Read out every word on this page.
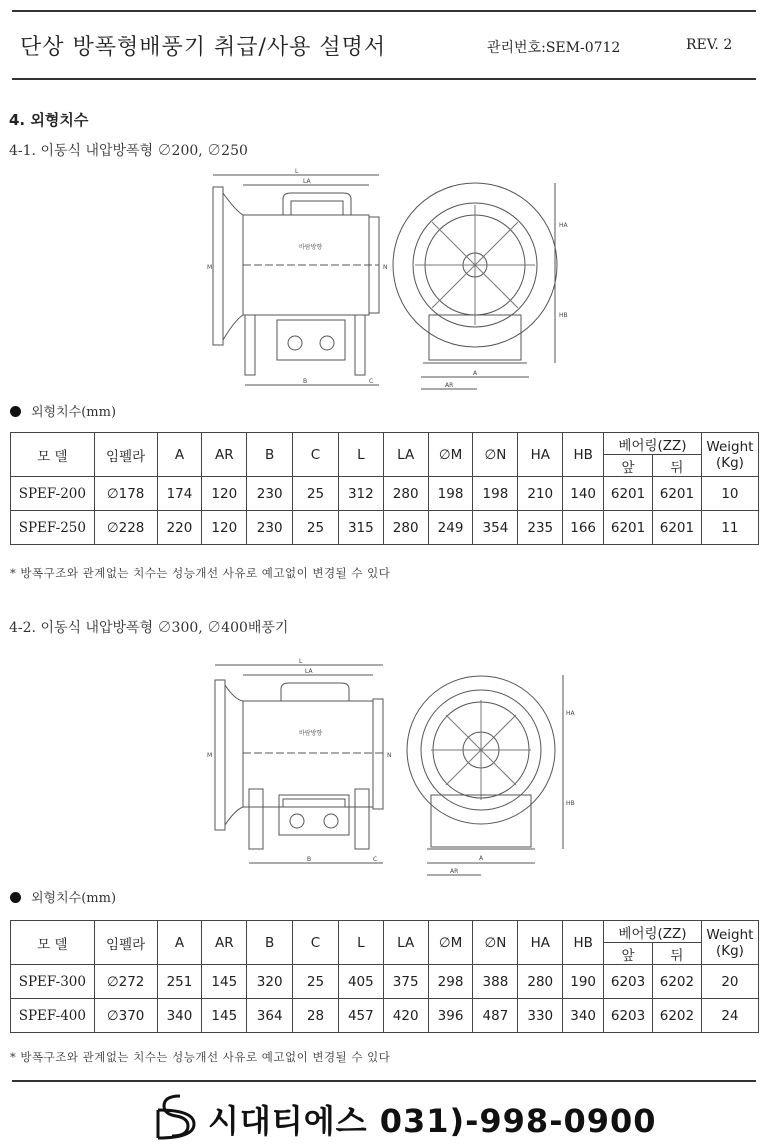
단상 방폭형배풍기 취급/사용 설명서	관리번호:SEM-0712	REV. 2
4. 외형치수
4-1. 이동식 내압방폭형 ∅200, ∅250
L
LA
M	N
B	C
바람방향
HA
HB
A
AR
외형치수(mm)
모 델	임펠라	A	AR	B	C	L	LA	∅M	∅N	HA	HB	베어링(ZZ)		Weight
(Kg)
												앞	뒤	
SPEF-200	∅178	174	120	230	25	312	280	198	198	210	140	6201	6201	10
SPEF-250	∅228	220	120	230	25	315	280	249	354	235	166	6201	6201	11
* 방폭구조와 관계없는 치수는 성능개선 사유로 예고없이 변경될 수 있다
4-2. 이동식 내압방폭형 ∅300, ∅400배풍기
L
LA
M	N
B	C
바람방향
HA
HB
A
AR
외형치수(mm)
모 델	임펠라	A	AR	B	C	L	LA	∅M	∅N	HA	HB	베어링(ZZ)		Weight
(Kg)
												앞	뒤	
SPEF-300	∅272	251	145	320	25	405	375	298	388	280	190	6203	6202	20
SPEF-400	∅370	340	145	364	28	457	420	396	487	330	340	6203	6202	24
* 방폭구조와 관계없는 치수는 성능개선 사유로 예고없이 변경될 수 있다
시대티에스 031)-998-0900
